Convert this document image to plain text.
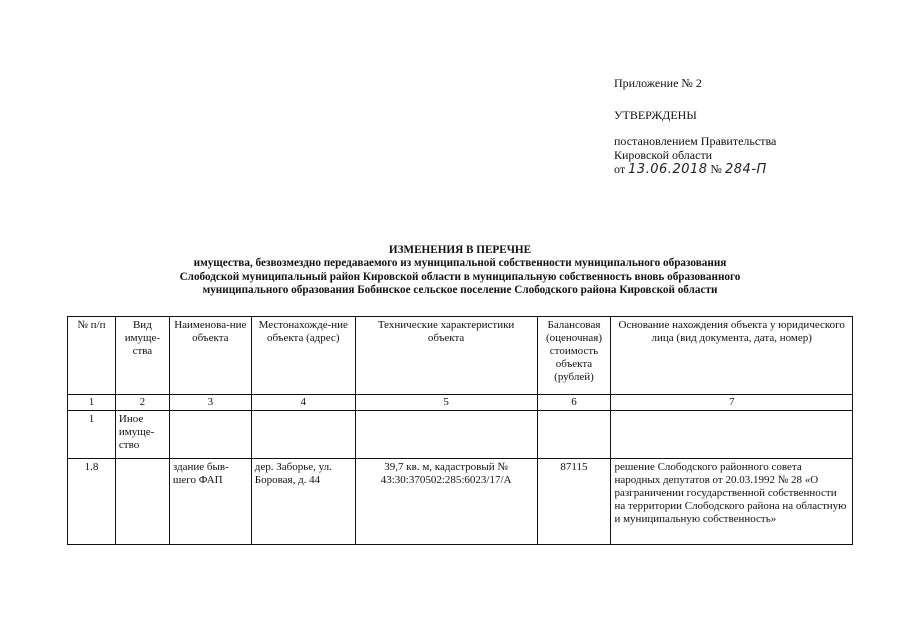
Приложение № 2
УТВЕРЖДЕНЫ
постановлением Правительства
Кировской области
от 13.06.2018 № 284-П
ИЗМЕНЕНИЯ В ПЕРЕЧНЕ
имущества, безвозмездно передаваемого из муниципальной собственности муниципального образования
Слободской муниципальный район Кировской области в муниципальную собственность вновь образованного
муниципального образования Бобинское сельское поселение Слободского района Кировской области
№ п/п	Вид имуще-ства	Наименова-ние объекта	Местонахожде-ние объекта (адрес)	Технические характеристики объекта	Балансовая (оценочная) стоимость объекта (рублей)	Основание нахождения объекта у юридического лица (вид документа, дата, номер)
1	2	3	4	5	6	7
1	Иное имуще-ство					
1.8		здание быв-шего ФАП	дер. Заборье, ул. Боровая, д. 44	39,7 кв. м, кадастровый № 43:30:370502:285:6023/17/А	87115	решение Слободского районного совета народных депутатов от 20.03.1992 № 28 «О разграничении государственной собственности на территории Слободского района на областную и муниципальную собственность»
